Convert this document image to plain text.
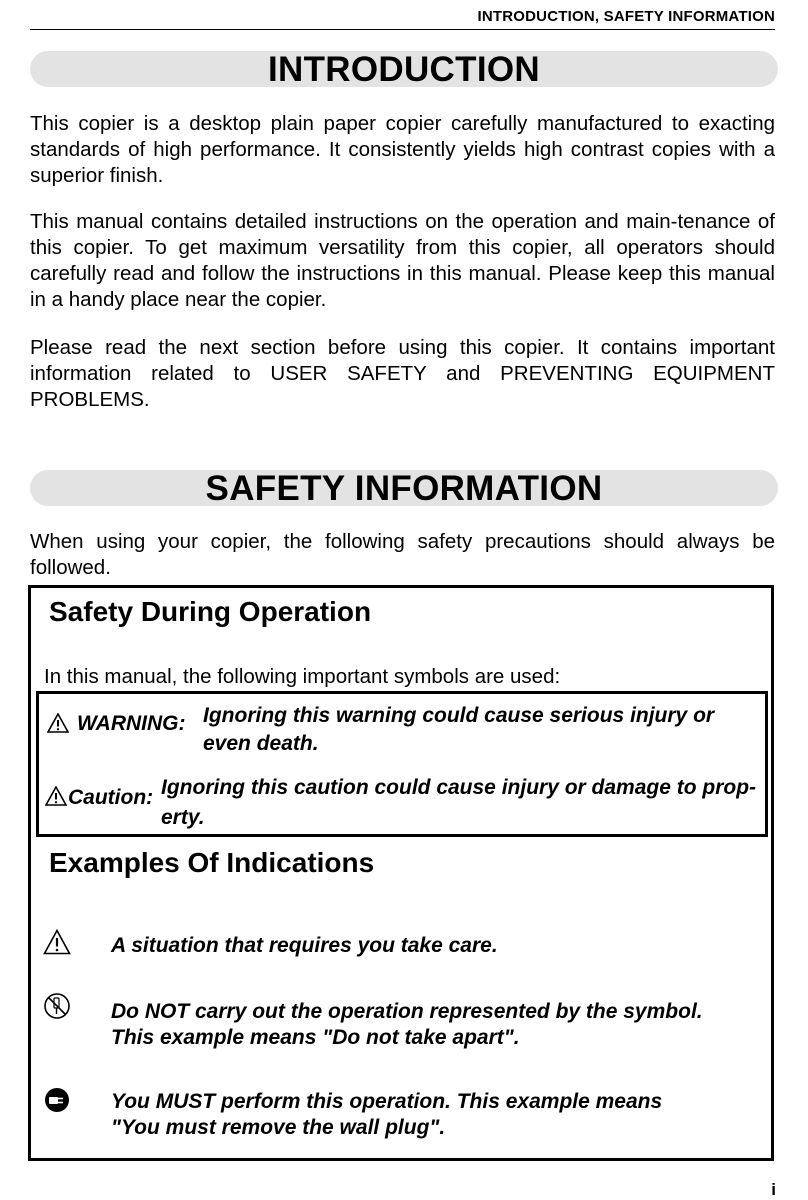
INTRODUCTION, SAFETY INFORMATION
INTRODUCTION

This copier is a desktop plain paper copier carefully manufactured to exacting standards of high performance. It consistently yields high contrast copies with a superior finish.

This manual contains detailed instructions on the operation and main-tenance of this copier. To get maximum versatility from this copier, all operators should carefully read and follow the instructions in this manual. Please keep this manual in a handy place near the copier.

Please read the next section before using this copier. It contains important information related to USER SAFETY and PREVENTING EQUIPMENT PROBLEMS.

SAFETY INFORMATION

When using your copier, the following safety precautions should always be followed.

Safety During Operation
In this manual, the following important symbols are used:
WARNING: Ignoring this warning could cause serious injury or
even death.
Caution: Ignoring this caution could cause injury or damage to prop-
erty.
Examples Of Indications
A situation that requires you take care.
Do NOT carry out the operation represented by the symbol.
This example means "Do not take apart".
You MUST perform this operation. This example means
"You must remove the wall plug".
i
